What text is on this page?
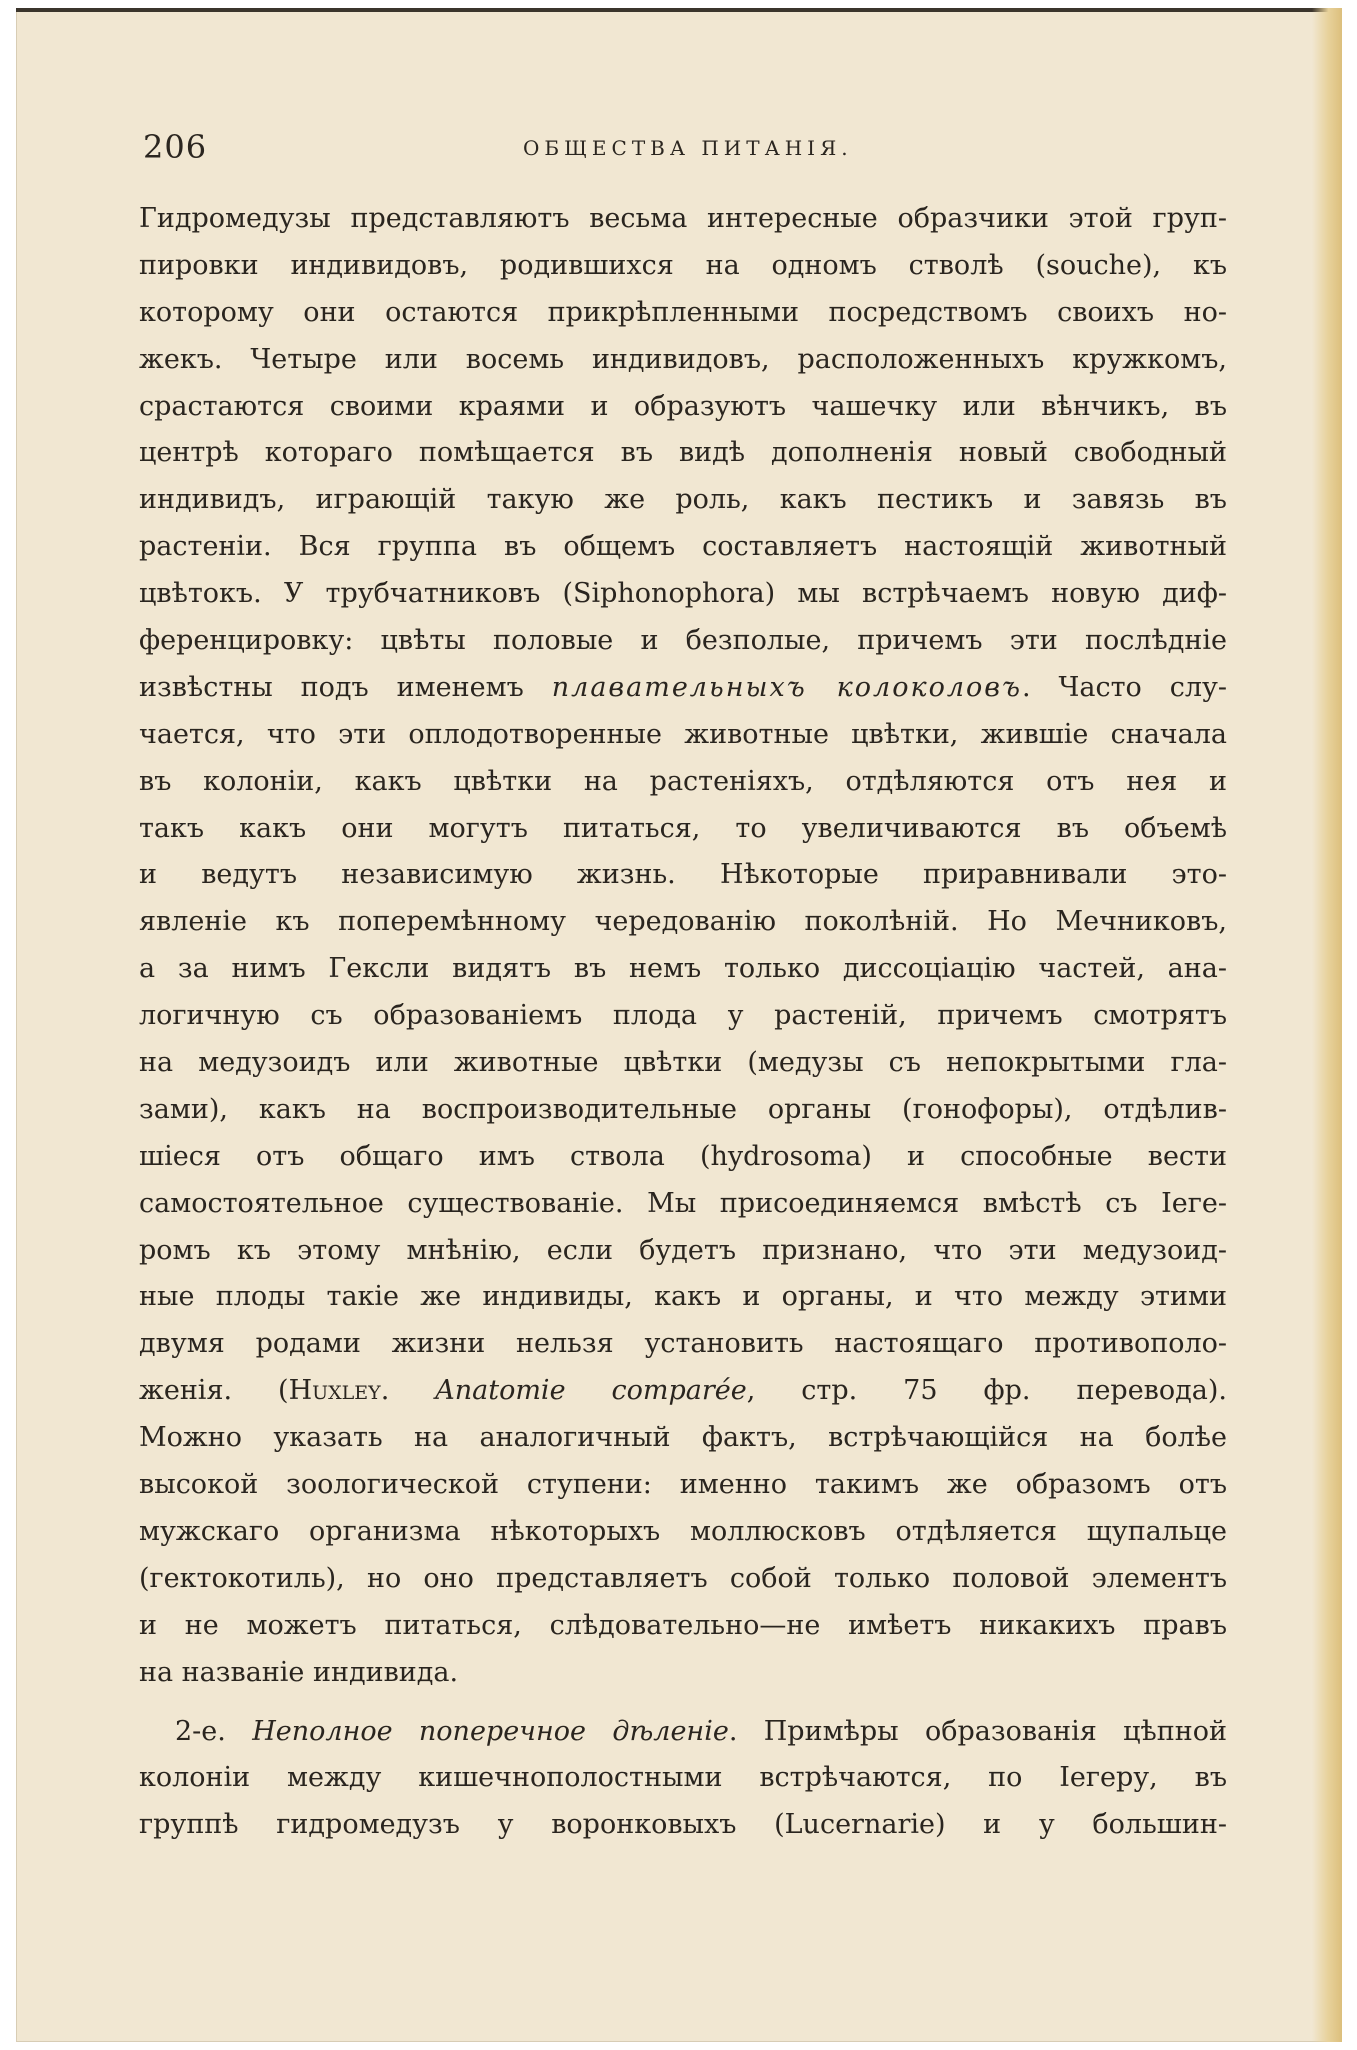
206	ОБЩЕСТВА ПИТАНІЯ.
Гидромедузы представляютъ весьма интересные образчики этой груп-
пировки индивидовъ, родившихся на одномъ стволѣ (souche), къ
которому они остаются прикрѣпленными посредствомъ своихъ но-
жекъ. Четыре или восемь индивидовъ, расположенныхъ кружкомъ,
срастаются своими краями и образуютъ чашечку или вѣнчикъ, въ
центрѣ котораго помѣщается въ видѣ дополненія новый свободный
индивидъ, играющій такую же роль, какъ пестикъ и завязь въ
растеніи. Вся группа въ общемъ составляетъ настоящій животный
цвѣтокъ. У трубчатниковъ (Siphonophora) мы встрѣчаемъ новую диф-
ференцировку: цвѣты половые и безполые, причемъ эти послѣдніе
извѣстны подъ именемъ плавательныхъ колоколовъ. Часто слу-
чается, что эти оплодотворенные животные цвѣтки, жившіе сначала
въ колоніи, какъ цвѣтки на растеніяхъ, отдѣляются отъ нея и
такъ какъ они могутъ питаться, то увеличиваются въ объемѣ
и ведутъ независимую жизнь. Нѣкоторые приравнивали это-
явленіе къ поперемѣнному чередованію поколѣній. Но Мечниковъ,
а за нимъ Гексли видятъ въ немъ только диссоціацію частей, ана-
логичную съ образованіемъ плода у растеній, причемъ смотрятъ
на медузоидъ или животные цвѣтки (медузы съ непокрытыми гла-
зами), какъ на воспроизводительные органы (гонофоры), отдѣлив-
шіеся отъ общаго имъ ствола (hydrosoma) и способные вести
самостоятельное существованіе. Мы присоединяемся вмѣстѣ съ Іеге-
ромъ къ этому мнѣнію, если будетъ признано, что эти медузоид-
ные плоды такіе же индивиды, какъ и органы, и что между этими
двумя родами жизни нельзя установить настоящаго противополо-
женія. (Huxley. Anatomie comparée, стр. 75 фр. перевода).
Можно указать на аналогичный фактъ, встрѣчающійся на болѣе
высокой зоологической ступени: именно такимъ же образомъ отъ
мужскаго организма нѣкоторыхъ моллюсковъ отдѣляется щупальце
(гектокотиль), но оно представляетъ собой только половой элементъ
и не можетъ питаться, слѣдовательно—не имѣетъ никакихъ правъ
на названіе индивида.
2-е. Неполное поперечное дѣленіе. Примѣры образованія цѣпной
колоніи между кишечнополостными встрѣчаются, по Іегеру, въ
группѣ гидромедузъ у воронковыхъ (Lucernarie) и у большин-
